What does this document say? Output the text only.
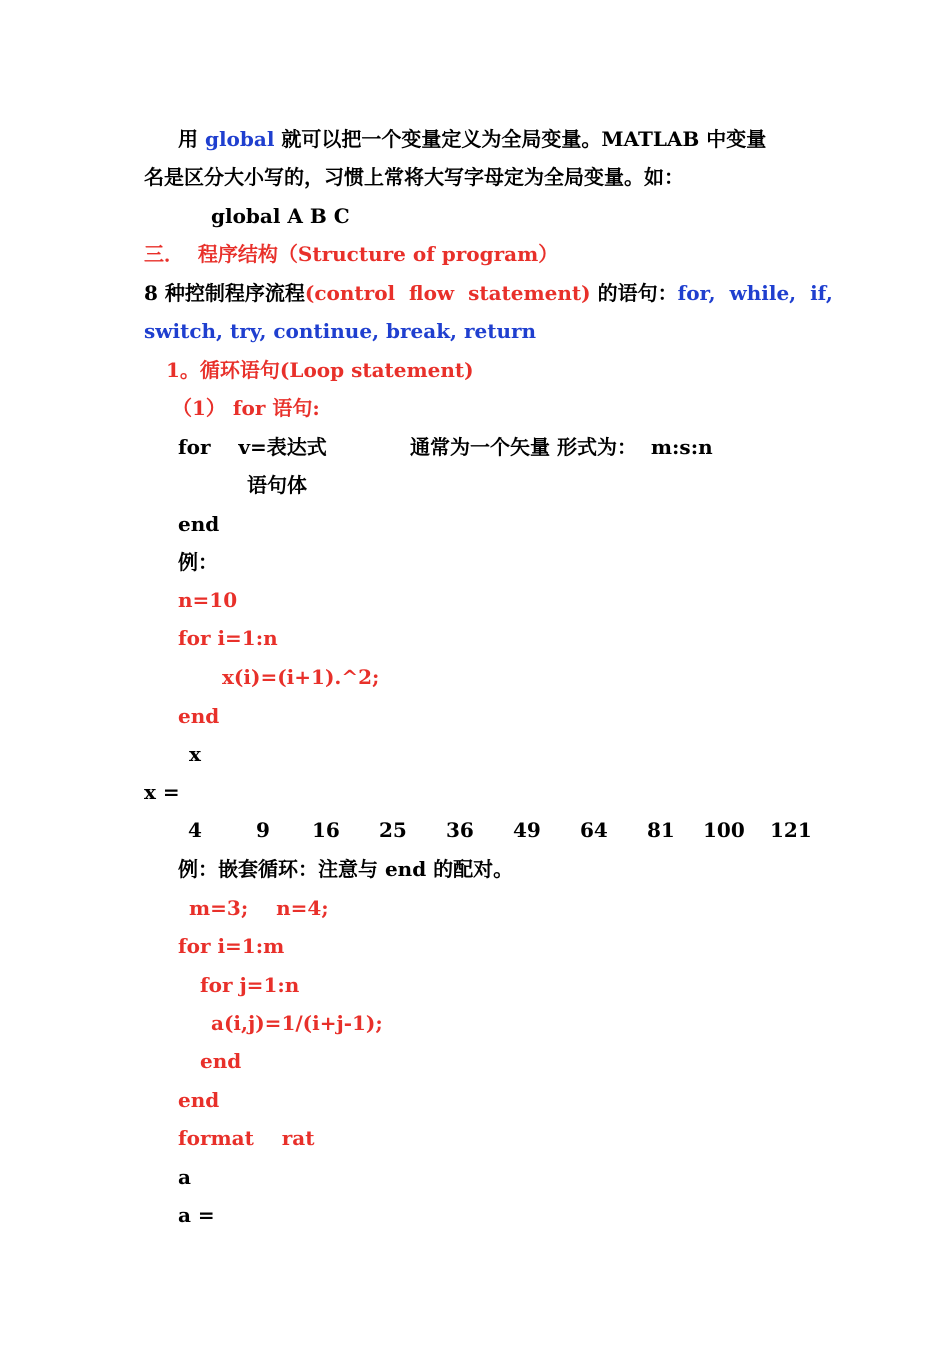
用 global 就可以把一个变量定义为全局变量。MATLAB 中变量
名是区分大小写的，习惯上常将大写字母定为全局变量。如：
global A B C
三．  程序结构（Structure of program）
8 种控制程序流程(control  flow  statement) 的语句：for,  while,  if,
switch, try, continue, break, return
1。循环语句(Loop statement)
（1） for 语句:
for    v=表达式	通常为一个矢量 形式为：  m:s:n
语句体
end
例：
n=10
for i=1:n
x(i)=(i+1).^2;
end
x
x =
4	9 16 25 36 49 64 81 100 121
例：嵌套循环：注意与 end 的配对。
m=3;    n=4;
for i=1:m
for j=1:n
a(i,j)=1/(i+j-1);
end
end
format    rat
a
a =
